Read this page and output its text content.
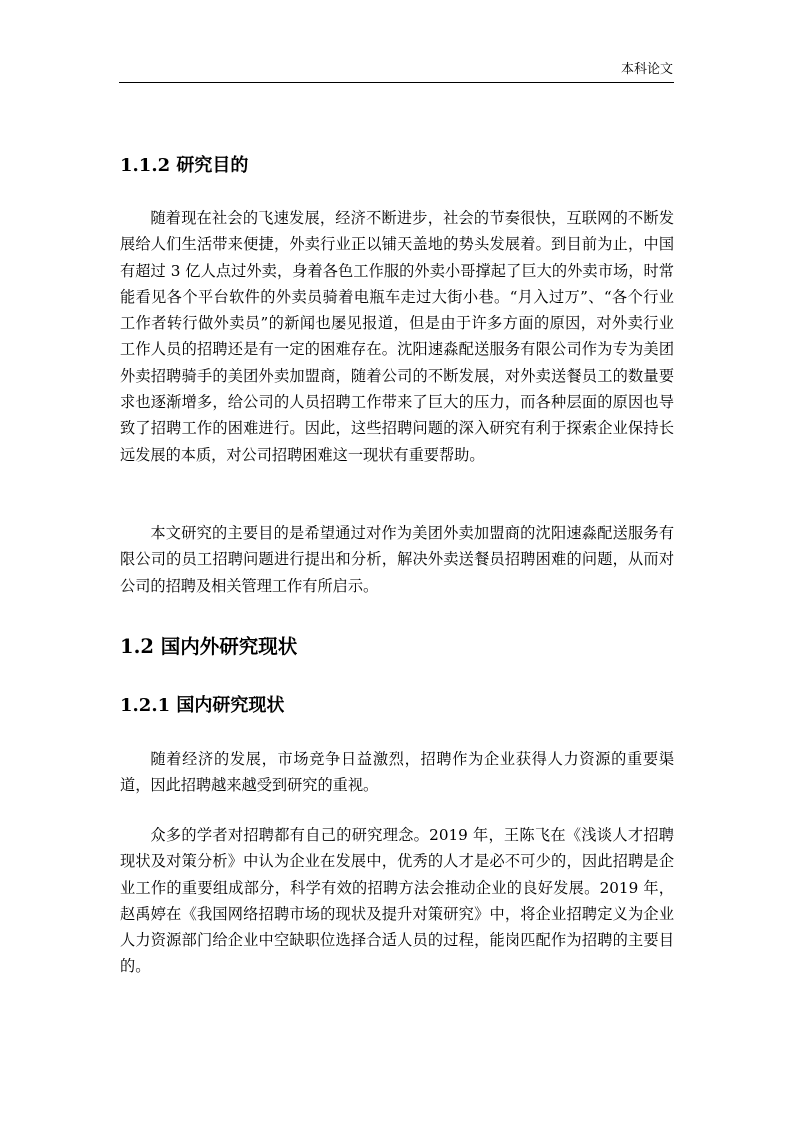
本科论文
1.1.2 研究目的

随着现在社会的飞速发展，经济不断进步，社会的节奏很快，互联网的不断发展给人们生活带来便捷，外卖行业正以铺天盖地的势头发展着。到目前为止，中国有超过 3 亿人点过外卖，身着各色工作服的外卖小哥撑起了巨大的外卖市场，时常能看见各个平台软件的外卖员骑着电瓶车走过大街小巷。“月入过万”、“各个行业工作者转行做外卖员”的新闻也屡见报道，但是由于许多方面的原因，对外卖行业工作人员的招聘还是有一定的困难存在。沈阳速淼配送服务有限公司作为专为美团外卖招聘骑手的美团外卖加盟商，随着公司的不断发展，对外卖送餐员工的数量要求也逐渐增多，给公司的人员招聘工作带来了巨大的压力，而各种层面的原因也导致了招聘工作的困难进行。因此，这些招聘问题的深入研究有利于探索企业保持长远发展的本质，对公司招聘困难这一现状有重要帮助。

本文研究的主要目的是希望通过对作为美团外卖加盟商的沈阳速淼配送服务有限公司的员工招聘问题进行提出和分析，解决外卖送餐员招聘困难的问题，从而对公司的招聘及相关管理工作有所启示。

1.2 国内外研究现状
1.2.1 国内研究现状

随着经济的发展，市场竞争日益激烈，招聘作为企业获得人力资源的重要渠道，因此招聘越来越受到研究的重视。

众多的学者对招聘都有自己的研究理念。2019 年，王陈飞在《浅谈人才招聘现状及对策分析》中认为企业在发展中，优秀的人才是必不可少的，因此招聘是企业工作的重要组成部分，科学有效的招聘方法会推动企业的良好发展。2019 年，赵禹婷在《我国网络招聘市场的现状及提升对策研究》中，将企业招聘定义为企业人力资源部门给企业中空缺职位选择合适人员的过程，能岗匹配作为招聘的主要目的。
